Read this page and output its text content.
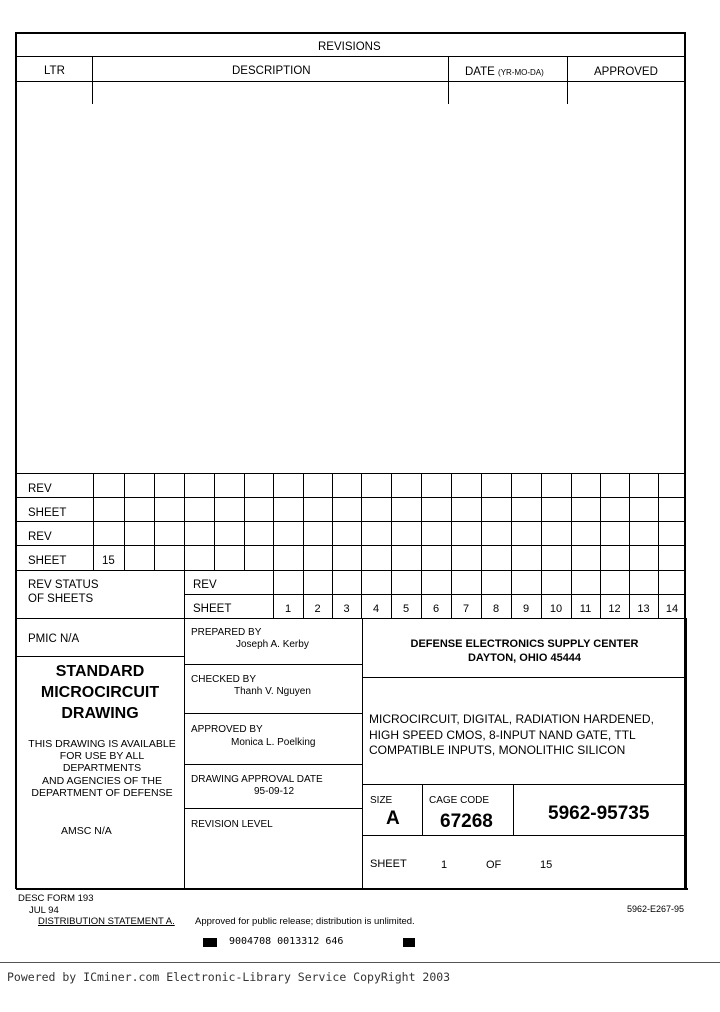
REVISIONS
LTR	DESCRIPTION	DATE (YR-MO-DA)	APPROVED
REV
SHEET
REV
SHEET	15
REV STATUS
OF SHEETS
REV
SHEET	1	2	3	4	5	6	7	8	9	10	11	12	13	14
PMIC N/A
STANDARD
MICROCIRCUIT
DRAWING
THIS DRAWING IS AVAILABLE
FOR USE BY ALL
DEPARTMENTS
AND AGENCIES OF THE
DEPARTMENT OF DEFENSE
AMSC N/A
PREPARED BY
Joseph A. Kerby
CHECKED BY
Thanh V. Nguyen
APPROVED BY
Monica L. Poelking
DRAWING APPROVAL DATE
95-09-12
REVISION LEVEL
DEFENSE ELECTRONICS SUPPLY CENTER
DAYTON, OHIO 45444
MICROCIRCUIT, DIGITAL, RADIATION HARDENED,
HIGH SPEED CMOS, 8-INPUT NAND GATE, TTL
COMPATIBLE INPUTS, MONOLITHIC SILICON
SIZE
A
CAGE CODE
67268	5962-95735
SHEET	1	OF	15
DESC FORM 193
JUL 94
DISTRIBUTION STATEMENT A. Approved for public release; distribution is unlimited.
5962-E267-95
9004708 0013312 646
Powered by ICminer.com Electronic-Library Service CopyRight 2003
